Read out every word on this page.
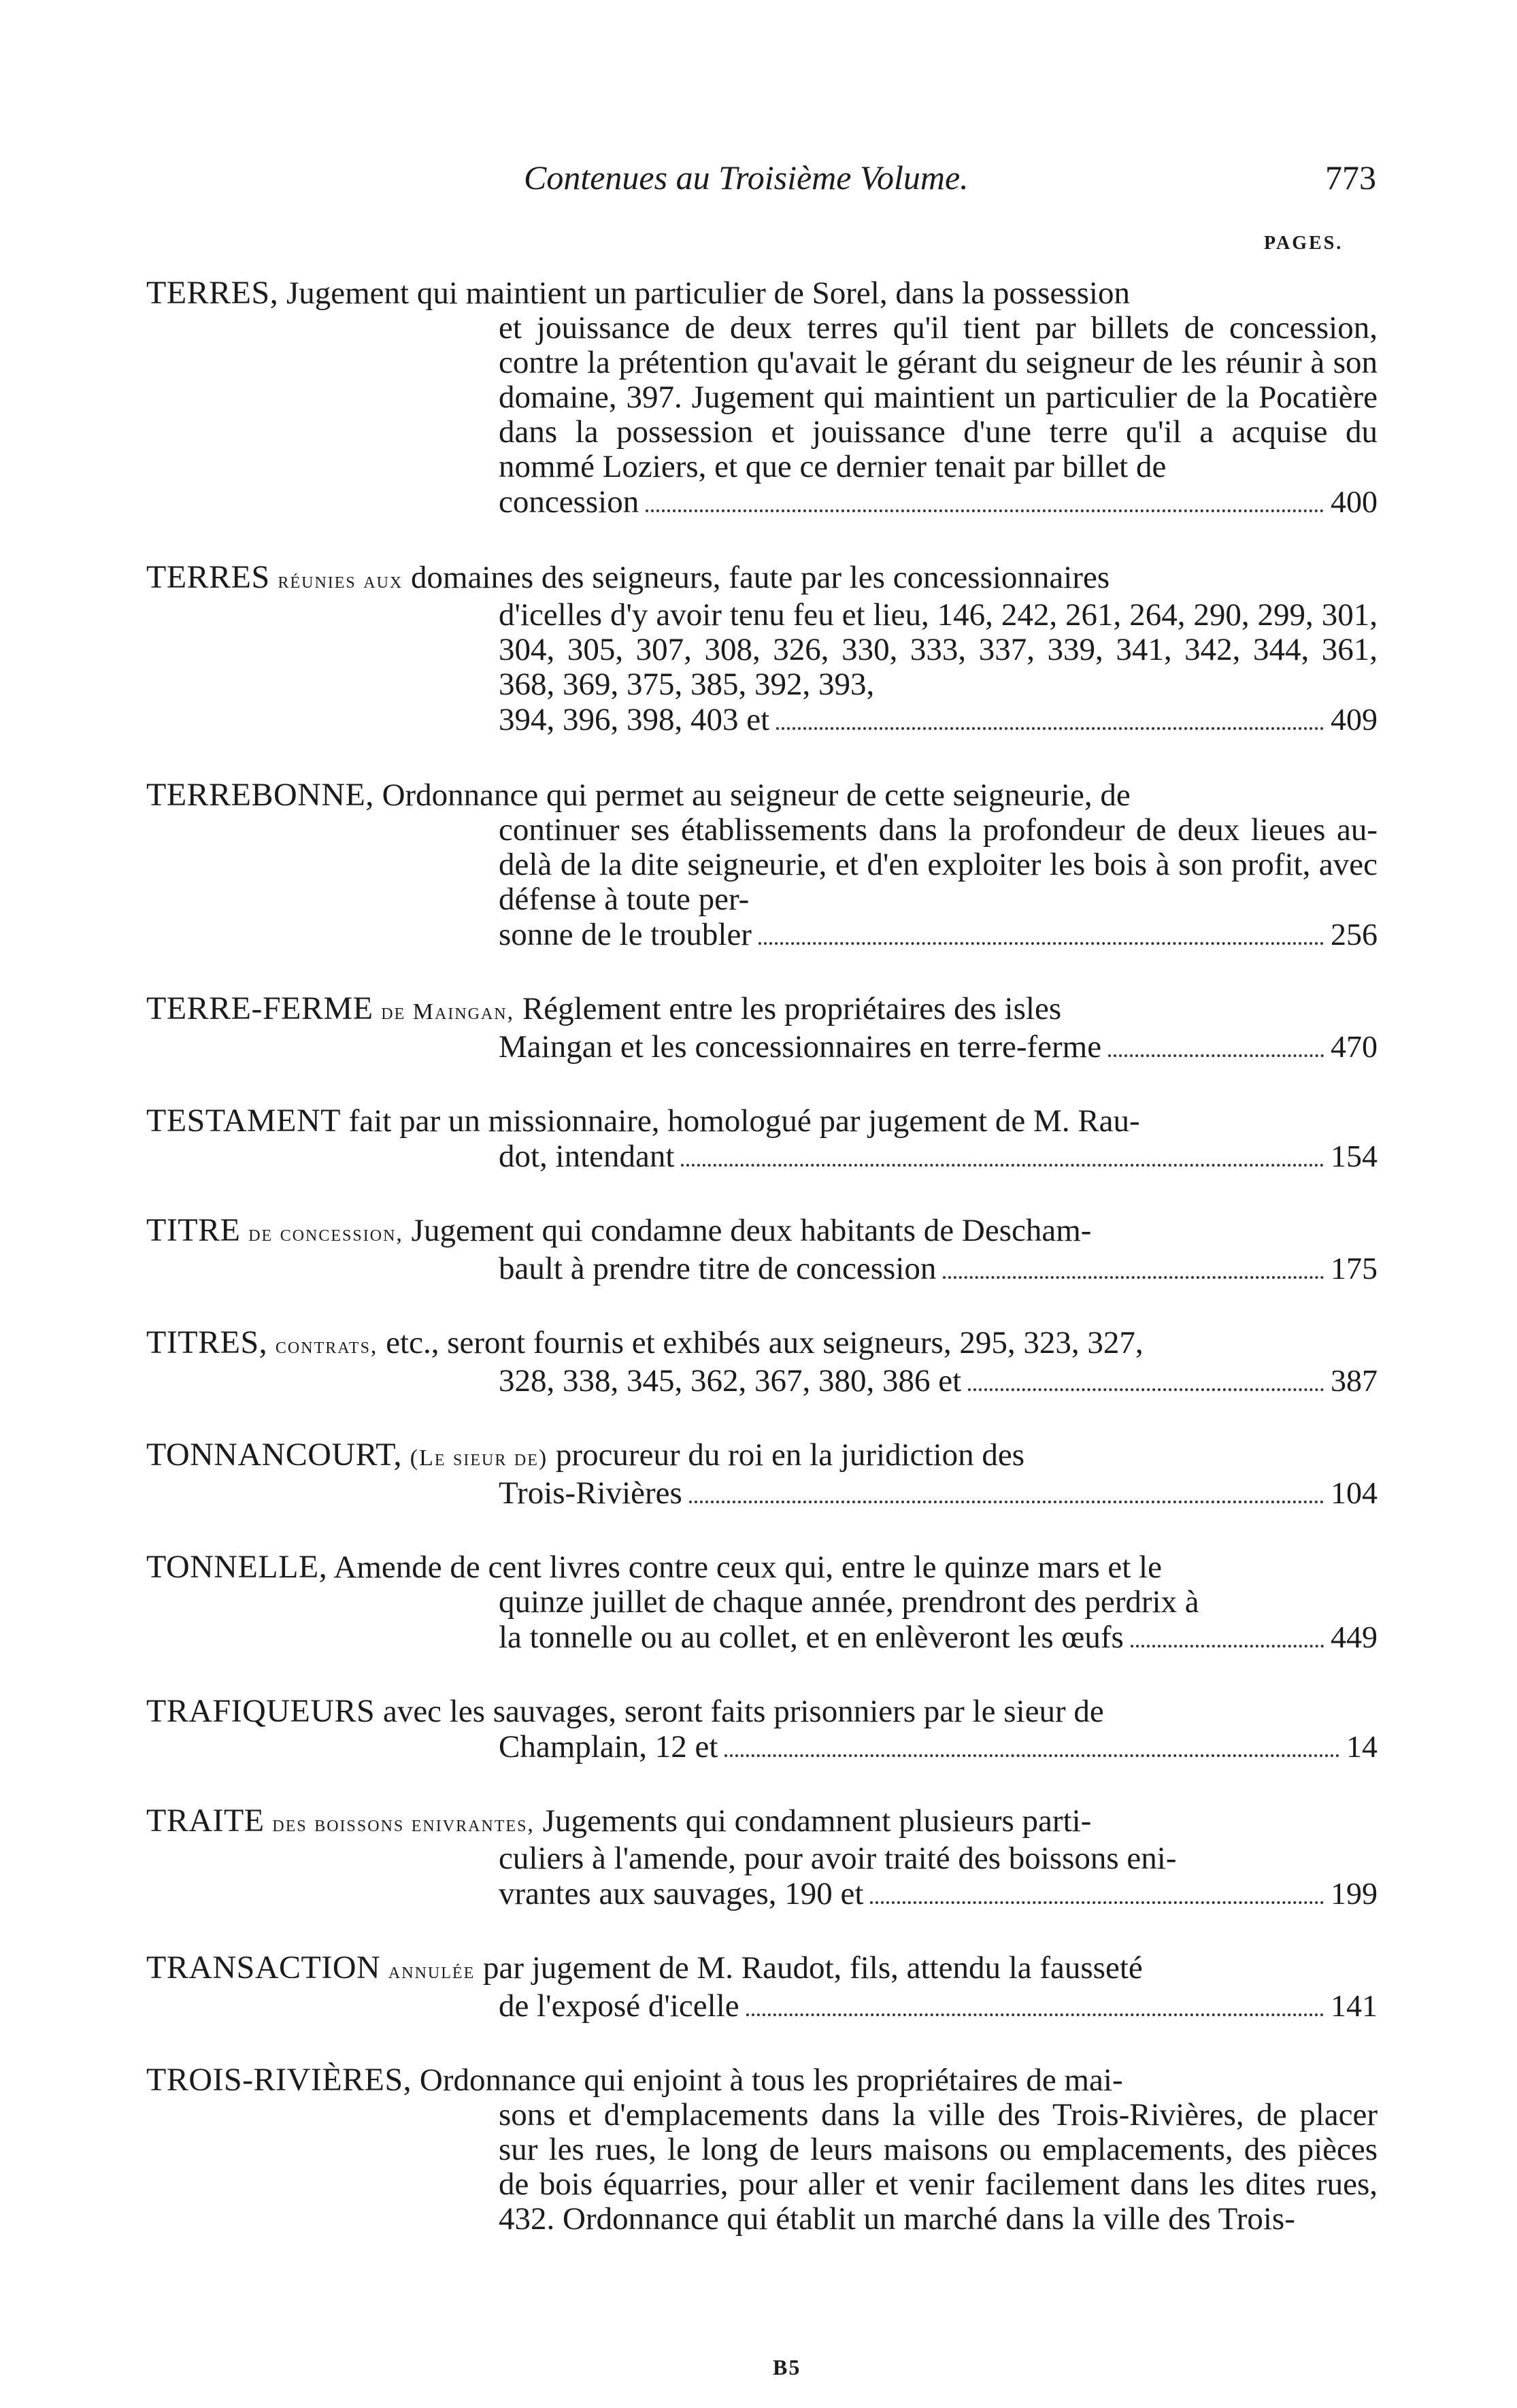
Contenues au Troisième Volume.	773
PAGES.
TERRES, Jugement qui maintient un particulier de Sorel, dans la possession
et jouissance de deux terres qu'il tient par billets de concession, contre la prétention qu'avait le gérant du seigneur de les réunir à son domaine, 397. Jugement qui maintient un particulier de la Pocatière dans la possession et jouissance d'une terre qu'il a acquise du nommé Loziers, et que ce dernier tenait par billet de
concession	400
TERRES réunies aux domaines des seigneurs, faute par les concessionnaires
d'icelles d'y avoir tenu feu et lieu, 146, 242, 261, 264, 290, 299, 301, 304, 305, 307, 308, 326, 330, 333, 337, 339, 341, 342, 344, 361, 368, 369, 375, 385, 392, 393,
394, 396, 398, 403 et	409
TERREBONNE, Ordonnance qui permet au seigneur de cette seigneurie, de
continuer ses établissements dans la profondeur de deux lieues au-delà de la dite seigneurie, et d'en exploiter les bois à son profit, avec défense à toute per-
sonne de le troubler	256
TERRE-FERME de Maingan, Réglement entre les propriétaires des isles
Maingan et les concessionnaires en terre-ferme	470
TESTAMENT fait par un missionnaire, homologué par jugement de M. Rau-
dot, intendant	154
TITRE de concession, Jugement qui condamne deux habitants de Descham-
bault à prendre titre de concession	175
TITRES, contrats, etc., seront fournis et exhibés aux seigneurs, 295, 323, 327,
328, 338, 345, 362, 367, 380, 386 et	387
TONNANCOURT, (Le sieur de) procureur du roi en la juridiction des
Trois-Rivières	104
TONNELLE, Amende de cent livres contre ceux qui, entre le quinze mars et le
quinze juillet de chaque année, prendront des perdrix à
la tonnelle ou au collet, et en enlèveront les œufs	449
TRAFIQUEURS avec les sauvages, seront faits prisonniers par le sieur de
Champlain, 12 et	14
TRAITE des boissons enivrantes, Jugements qui condamnent plusieurs parti-
culiers à l'amende, pour avoir traité des boissons eni-
vrantes aux sauvages, 190 et	199
TRANSACTION annulée par jugement de M. Raudot, fils, attendu la fausseté
de l'exposé d'icelle	141
TROIS-RIVIÈRES, Ordonnance qui enjoint à tous les propriétaires de mai-
sons et d'emplacements dans la ville des Trois-Rivières, de placer sur les rues, le long de leurs maisons ou emplacements, des pièces de bois équarries, pour aller et venir facilement dans les dites rues, 432. Ordonnance qui établit un marché dans la ville des Trois-
B5
